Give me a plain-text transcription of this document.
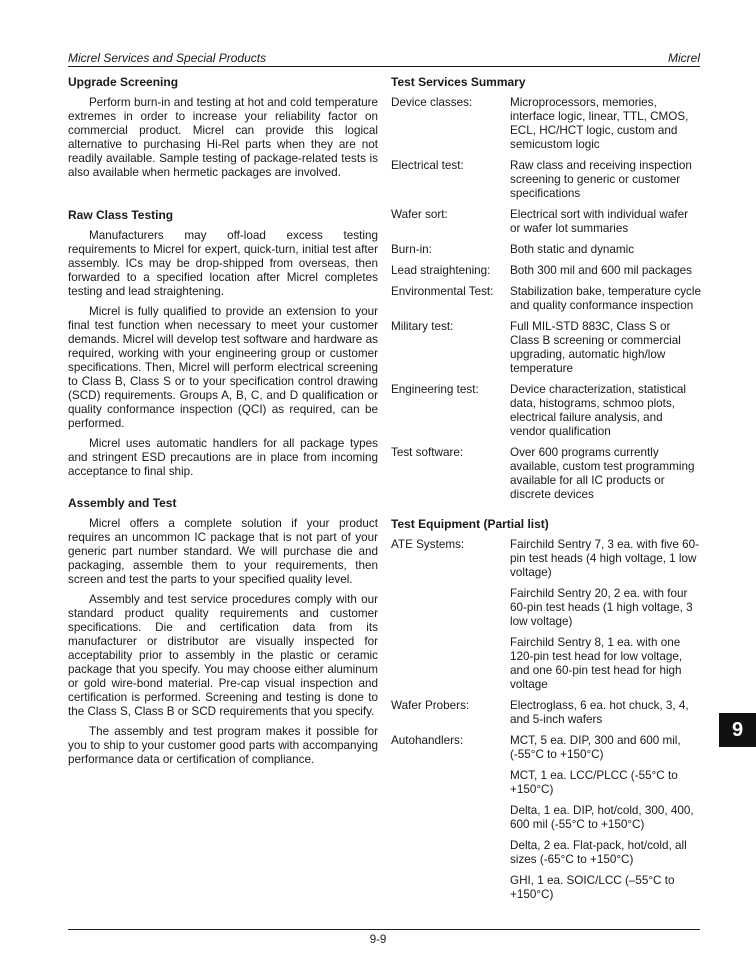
Micrel Services and Special Products	Micrel
Upgrade Screening

Perform burn-in and testing at hot and cold temperature extremes in order to increase your reliability factor on commercial product. Micrel can provide this logical alternative to purchasing Hi-Rel parts when they are not readily available. Sample testing of package-related tests is also available when hermetic packages are involved.

Raw Class Testing

Manufacturers may off-load excess testing requirements to Micrel for expert, quick-turn, initial test after assembly. ICs may be drop-shipped from overseas, then forwarded to a specified location after Micrel completes testing and lead straightening.

Micrel is fully qualified to provide an extension to your final test function when necessary to meet your customer demands. Micrel will develop test software and hardware as required, working with your engineering group or customer specifications. Then, Micrel will perform electrical screening to Class B, Class S or to your specification control drawing (SCD) requirements. Groups A, B, C, and D qualification or quality conformance inspection (QCI) as required, can be performed.

Micrel uses automatic handlers for all package types and stringent ESD precautions are in place from incoming acceptance to final ship.

Assembly and Test

Micrel offers a complete solution if your product requires an uncommon IC package that is not part of your generic part number standard. We will purchase die and packaging, assemble them to your requirements, then screen and test the parts to your specified quality level.

Assembly and test service procedures comply with our standard product quality requirements and customer specifications. Die and certification data from its manufacturer or distributor are visually inspected for acceptability prior to assembly in the plastic or ceramic package that you specify. You may choose either aluminum or gold wire-bond material. Pre-cap visual inspection and certification is performed. Screening and testing is done to the Class S, Class B or SCD requirements that you specify.

The assembly and test program makes it possible for you to ship to your customer good parts with accompanying performance data or certification of compliance.

Test Services Summary
Device classes:	Microprocessors, memories, interface logic, linear, TTL, CMOS, ECL, HC/HCT logic, custom and semicustom logic
Electrical test:	Raw class and receiving inspection screening to generic or customer specifications
Wafer sort:	Electrical sort with individual wafer or wafer lot summaries
Burn-in:	Both static and dynamic
Lead straightening:	Both 300 mil and 600 mil packages
Environmental Test:	Stabilization bake, temperature cycle and quality conformance inspection
Military test:	Full MIL-STD 883C, Class S or Class B screening or commercial upgrading, automatic high/low temperature
Engineering test:	Device characterization, statistical data, histograms, schmoo plots, electrical failure analysis, and vendor qualification
Test software:	Over 600 programs currently available, custom test programming available for all IC products or discrete devices
Test Equipment (Partial list)
ATE Systems:	Fairchild Sentry 7, 3 ea. with five 60-pin test heads (4 high voltage, 1 low voltage)
Fairchild Sentry 20, 2 ea. with four 60-pin test heads (1 high voltage, 3 low voltage)
Fairchild Sentry 8, 1 ea. with one 120-pin test head for low voltage, and one 60-pin test head for high voltage
Wafer Probers:	Electroglass, 6 ea. hot chuck, 3, 4, and 5-inch wafers
Autohandlers:	MCT, 5 ea. DIP, 300 and 600 mil, (-55°C to +150°C)
MCT, 1 ea. LCC/PLCC (-55°C to +150°C)
Delta, 1 ea. DIP, hot/cold, 300, 400, 600 mil (-55°C to +150°C)
Delta, 2 ea. Flat-pack, hot/cold, all sizes (-65°C to +150°C)
GHI, 1 ea. SOIC/LCC (–55°C to +150°C)
9
9-9
